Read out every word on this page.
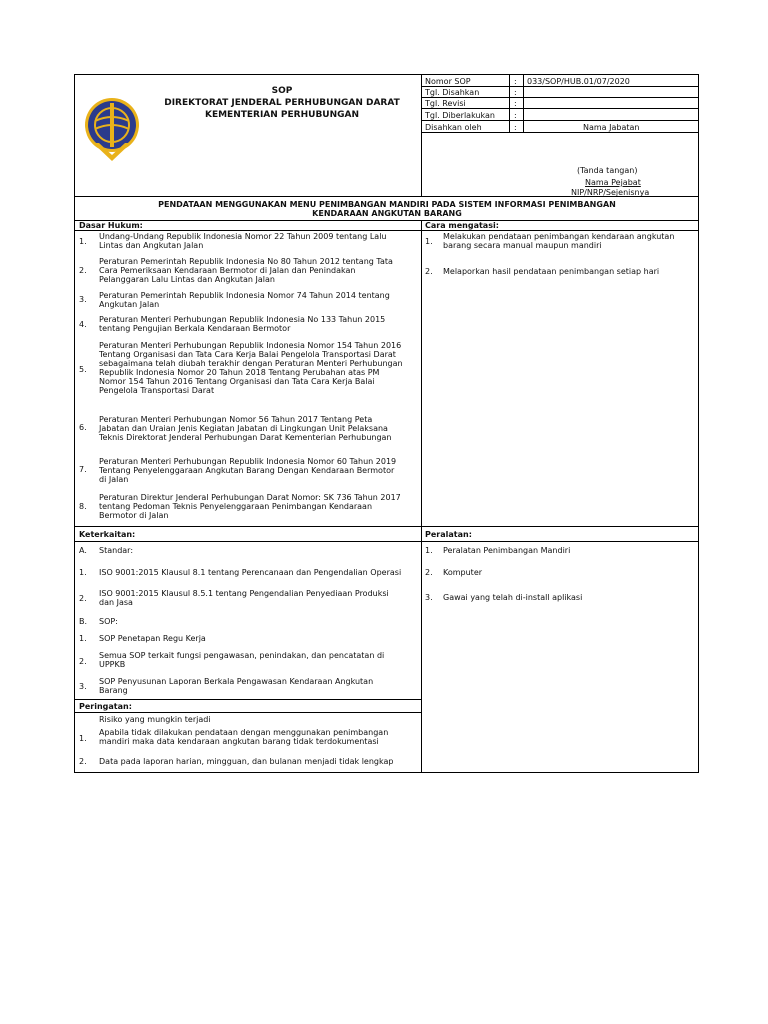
SOP
DIREKTORAT JENDERAL PERHUBUNGAN DARAT
KEMENTERIAN PERHUBUNGAN
Nomor SOP	: 033/SOP/HUB.01/07/2020
Tgl. Disahkan	:
Tgl. Revisi	:
Tgl. Diberlakukan :
Disahkan oleh	:	Nama Jabatan
(Tanda tangan)
Nama Pejabat
NIP/NRP/Sejenisnya
PENDATAAN MENGGUNAKAN MENU PENIMBANGAN MANDIRI PADA SISTEM INFORMASI PENIMBANGAN
KENDARAAN ANGKUTAN BARANG
Dasar Hukum:	Cara mengatasi:
1.
Undang-Undang Republik Indonesia Nomor 22 Tahun 2009 tentang Lalu
Lintas dan Angkutan Jalan
2.
Peraturan Pemerintah Republik Indonesia No 80 Tahun 2012 tentang Tata
Cara Pemeriksaan Kendaraan Bermotor di Jalan dan Penindakan
Pelanggaran Lalu Lintas dan Angkutan Jalan
3. Peraturan Pemerintah Republik Indonesia Nomor 74 Tahun 2014 tentang
Angkutan Jalan
4.
Peraturan Menteri Perhubungan Republik Indonesia No 133 Tahun 2015
tentang Pengujian Berkala Kendaraan Bermotor
5.
Peraturan Menteri Perhubungan Republik Indonesia Nomor 154 Tahun 2016
Tentang Organisasi dan Tata Cara Kerja Balai Pengelola Transportasi Darat
sebagaimana telah diubah terakhir dengan Peraturan Menteri Perhubungan
Republik Indonesia Nomor 20 Tahun 2018 Tentang Perubahan atas PM
Nomor 154 Tahun 2016 Tentang Organisasi dan Tata Cara Kerja Balai
Pengelola Transportasi Darat
6.
Peraturan Menteri Perhubungan Nomor 56 Tahun 2017 Tentang Peta
Jabatan dan Uraian Jenis Kegiatan Jabatan di Lingkungan Unit Pelaksana
Teknis Direktorat Jenderal Perhubungan Darat Kementerian Perhubungan
7.
Peraturan Menteri Perhubungan Republik Indonesia Nomor 60 Tahun 2019
Tentang Penyelenggaraan Angkutan Barang Dengan Kendaraan Bermotor
di Jalan
8.
Peraturan Direktur Jenderal Perhubungan Darat Nomor: SK 736 Tahun 2017
tentang Pedoman Teknis Penyelenggaraan Penimbangan Kendaraan
Bermotor di Jalan
1.
Melakukan pendataan penimbangan kendaraan angkutan
barang secara manual maupun mandiri
2. Melaporkan hasil pendataan penimbangan setiap hari
Keterkaitan:	Peralatan:
A. Standar:
1. ISO 9001:2015 Klausul 8.1 tentang Perencanaan dan Pengendalian Operasi
2.
ISO 9001:2015 Klausul 8.5.1 tentang Pengendalian Penyediaan Produksi
dan Jasa
B. SOP:
1. SOP Penetapan Regu Kerja
2.
Semua SOP terkait fungsi pengawasan, penindakan, dan pencatatan di
UPPKB
3.
SOP Penyusunan Laporan Berkala Pengawasan Kendaraan Angkutan
Barang
1. Peralatan Penimbangan Mandiri
2. Komputer
3. Gawai yang telah di-install aplikasi
Peringatan:
Risiko yang mungkin terjadi
1.
Apabila tidak dilakukan pendataan dengan menggunakan penimbangan
mandiri maka data kendaraan angkutan barang tidak terdokumentasi
2. Data pada laporan harian, mingguan, dan bulanan menjadi tidak lengkap
